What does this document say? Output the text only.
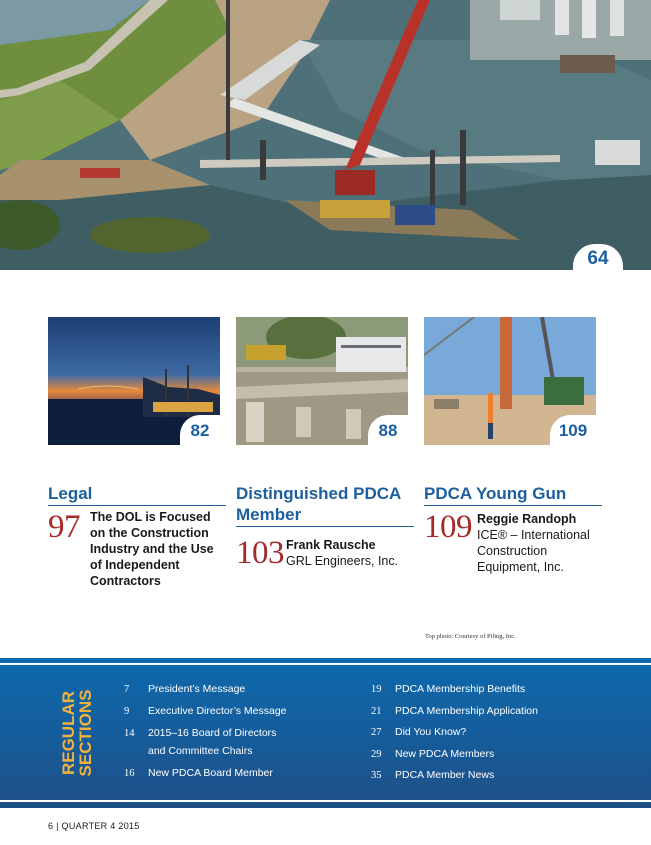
64
82	88	109
Legal
97 The DOL is Focused on the Construction Industry and the Use of Independent Contractors
Distinguished PDCA Member
103 Frank Rausche
GRL Engineers, Inc.
PDCA Young Gun
109 Reggie Randoph
ICE® – International Construction Equipment, Inc.
Top photo: Courtesy of Piling, Inc.
REGULAR
SECTIONS
7	President’s Message
9	Executive Director’s Message
14	2015–16 Board of Directors
and Committee Chairs
16	New PDCA Board Member
19	PDCA Membership Benefits
21	PDCA Membership Application
27	Did You Know?
29	New PDCA Members
35	PDCA Member News
6 | QUARTER 4 2015
